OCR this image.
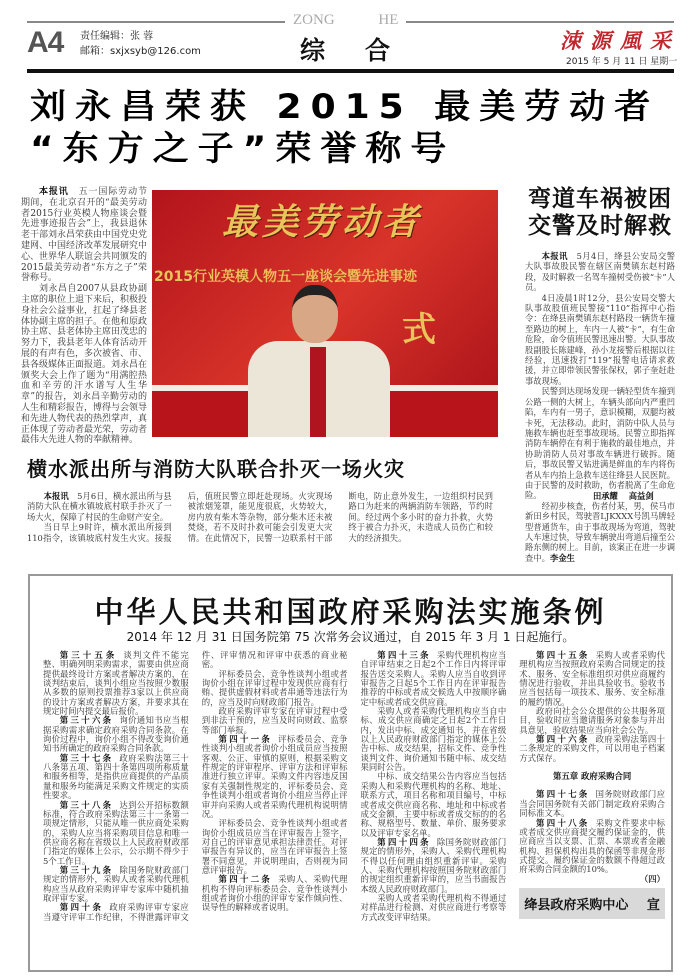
A4 责任编辑：张 蓉
邮箱：sxjxsyb@126.com
ZONG HE
综合	涑源風采
2015 年 5 月 11 日 星期一
刘永昌荣获 2015 最美劳动者
“东方之子”荣誉称号

本报讯　 五一国际劳动节期间，在北京召开的“最美劳动者2015行业英模人物座谈会暨先进事迹报告会”上，我县退休老干部刘永昌荣获由中国党史党建网、中国经济改革发展研究中心、世界华人联谊会共同颁发的2015最美劳动者“东方之子”荣誉称号。

刘永昌自2007从县政协副主席的职位上退下来后，积极投身社会公益事业，扛起了绛县老体协副主席的担子。在他和原政协主席、县老体协主席田茂忠的努力下，我县老年人体育活动开展的有声有色，多次被省、市、县各级媒体正面报道。刘永昌在颁奖大会上作了题为“用满腔热血和辛劳的汗水谱写人生华章”的报告，刘永昌辛勤劳动的人生和精彩报告，博得与会领导和先进人物代表的热烈掌声，真正体现了劳动者最光荣，劳动者最伟大先进人物的奉献精神。

最美劳动者
2015行业英模人物五一座谈会暨先进事迹
式
弯道车祸被困
交警及时解救

本报讯　 5月4日，绛县公安局交警大队事故股民警在辖区南樊镇东赵村路段，及时解救一名驾车撞树受伤被“卡”人员。

4日凌晨1时12分，县公安局交警大队事故股值班民警接“110”指挥中心指令：在绛县南樊镇东赵村路段一辆货车撞至路边的树上，车内一人被“卡”，有生命危险，命令值班民警迅速出警。大队事故股副股长陈建峰，孙小龙接警后根据以往经验，迅速拨打“119”报警电话请求救援，并立即带领民警张保权，郭子奎赶赴事故现场。

民警到达现场发现一辆轻型货车撞到公路一侧的大树上，车辆头部向内严重凹陷，车内有一男子，意识模糊，双腿均被卡死，无法移动。此时，消防中队人员与施救车辆也赶至事故现场。民警立即指挥消防车辆停在有利于施救的最佳地点，并协助消防人员对事故车辆进行破拆。随后，事故民警又钻进满是鲜血的车内将伤者从车内抬上急救车送往绛县人民医院。由于民警的及时救助，伤者脱离了生命危险。

经初步核查，伤者付某，男，侯马市新田乡村民，驾驶晋LJKXXX号凯马牌轻型普通货车，由于事故现场为弯道，驾驶人车速过快，导致车辆驶出弯道后撞至公路东侧的树上。目前，该案正在进一步调查中。李金生

横水派出所与消防大队联合扑灭一场火灾

本报讯　 5月6日，横水派出所与县消防大队在横水镇坡底村联手扑灭了一场大火，保障了村民的生命财产安全。

当日早上9时许，横水派出所接到110指令，该镇坡底村发生火灾。接报后，值班民警立即赶赴现场。火灾现场被浓烟笼罩，能见度很底，火势较大，房内放有柴木等杂物，部分柴木还未被焚烧，若不及时扑救可能会引发更大灾情。在此情况下，民警一边联系村干部断电，防止意外发生，一边组织村民到路口为赶来的两辆消防车领路，节约时间。经过两个多小时的奋力扑救，火势终于被合力扑灭，未造成人员伤亡和较大的经济损失。

田承耀 高益剑
中华人民共和国政府采购法实施条例
2014 年 12 月 31 日国务院第 75 次常务会议通过，自 2015 年 3 月 1 日起施行。

第三十五条 谈判文件不能完整、明确列明采购需求，需要由供应商提供最终设计方案或者解决方案的，在谈判结束后，谈判小组应当按照少数服从多数的原则投票推荐3家以上供应商的设计方案或者解决方案，并要求其在规定时间内提交最后报价。

第三十六条 询价通知书应当根据采购需求确定政府采购合同条款。在询价过程中，询价小组不得改变询价通知书所确定的政府采购合同条款。

第三十七条 政府采购法第三十八条第五项、第四十条第四项所称质量和服务相等，是指供应商提供的产品质量和服务均能满足采购文件规定的实质性要求。

第三十八条 达到公开招标数额标准，符合政府采购法第三十一条第一项规定情形，只能从唯一供应商处采购的，采购人应当将采购项目信息和唯一供应商名称在省级以上人民政府财政部门指定的媒体上公示，公示期不得少于5个工作日。

第三十九条 除国务院财政部门规定的情形外，采购人或者采购代理机构应当从政府采购评审专家库中随机抽取评审专家。

第四十条 政府采购评审专家应当遵守评审工作纪律，不得泄露评审文件、评审情况和评审中获悉的商业秘密。

评标委员会、竞争性谈判小组或者询价小组在评审过程中发现供应商有行贿、提供虚假材料或者串通等违法行为的，应当及时向财政部门报告。

政府采购评审专家在评审过程中受到非法干预的，应当及时向财政、监察等部门举报。

第四十一条 评标委员会、竞争性谈判小组或者询价小组成员应当按照客观、公正、审慎的原则，根据采购文件规定的评审程序、评审方法和评审标准进行独立评审。采购文件内容违反国家有关强制性规定的，评标委员会、竞争性谈判小组或者询价小组应当停止评审并向采购人或者采购代理机构说明情况。

评标委员会、竞争性谈判小组或者询价小组成员应当在评审报告上签字，对自己的评审意见承担法律责任。对评审报告有异议的，应当在评审报告上签署不同意见，并说明理由，否则视为同意评审报告。

第四十二条 采购人、采购代理机构不得向评标委员会、竞争性谈判小组或者询价小组的评审专家作倾向性、误导性的解释或者说明。

第四十三条 采购代理机构应当自评审结束之日起2个工作日内将评审报告送交采购人。采购人应当自收到评审报告之日起5个工作日内在评审报告推荐的中标或者成交候选人中按顺序确定中标或者成交供应商。

采购人或者采购代理机构应当自中标、成交供应商确定之日起2个工作日内，发出中标、成交通知书，并在省级以上人民政府财政部门指定的媒体上公告中标、成交结果，招标文件、竞争性谈判文件、询价通知书随中标、成交结果同时公告。

中标、成交结果公告内容应当包括采购人和采购代理机构的名称、地址、联系方式，项目名称和项目编号，中标或者成交供应商名称、地址和中标或者成交金额，主要中标或者成交标的的名称、规格型号、数量、单价、服务要求以及评审专家名单。

第四十四条 除国务院财政部门规定的情形外，采购人、采购代理机构不得以任何理由组织重新评审。采购人、采购代理机构按照国务院财政部门的规定组织重新评审的，应当书面报告本级人民政府财政部门。

采购人或者采购代理机构不得通过对样品进行检测、对供应商进行考察等方式改变评审结果。

第四十五条 采购人或者采购代理机构应当按照政府采购合同规定的技术、服务、安全标准组织对供应商履约情况进行验收，并出具验收书。验收书应当包括每一项技术、服务、安全标准的履约情况。

政府向社会公众提供的公共服务项目，验收时应当邀请服务对象参与并出具意见，验收结果应当向社会公告。

第四十六条 政府采购法第四十二条规定的采购文件，可以用电子档案方式保存。

第五章 政府采购合同

第四十七条 国务院财政部门应当会同国务院有关部门制定政府采购合同标准文本。

第四十八条 采购文件要求中标或者成交供应商提交履约保证金的，供应商应当以支票、汇票、本票或者金融机构、担保机构出具的保函等非现金形式提交。履约保证金的数额不得超过政府采购合同金额的10%。

（四）

绛县政府采购中心 宣
